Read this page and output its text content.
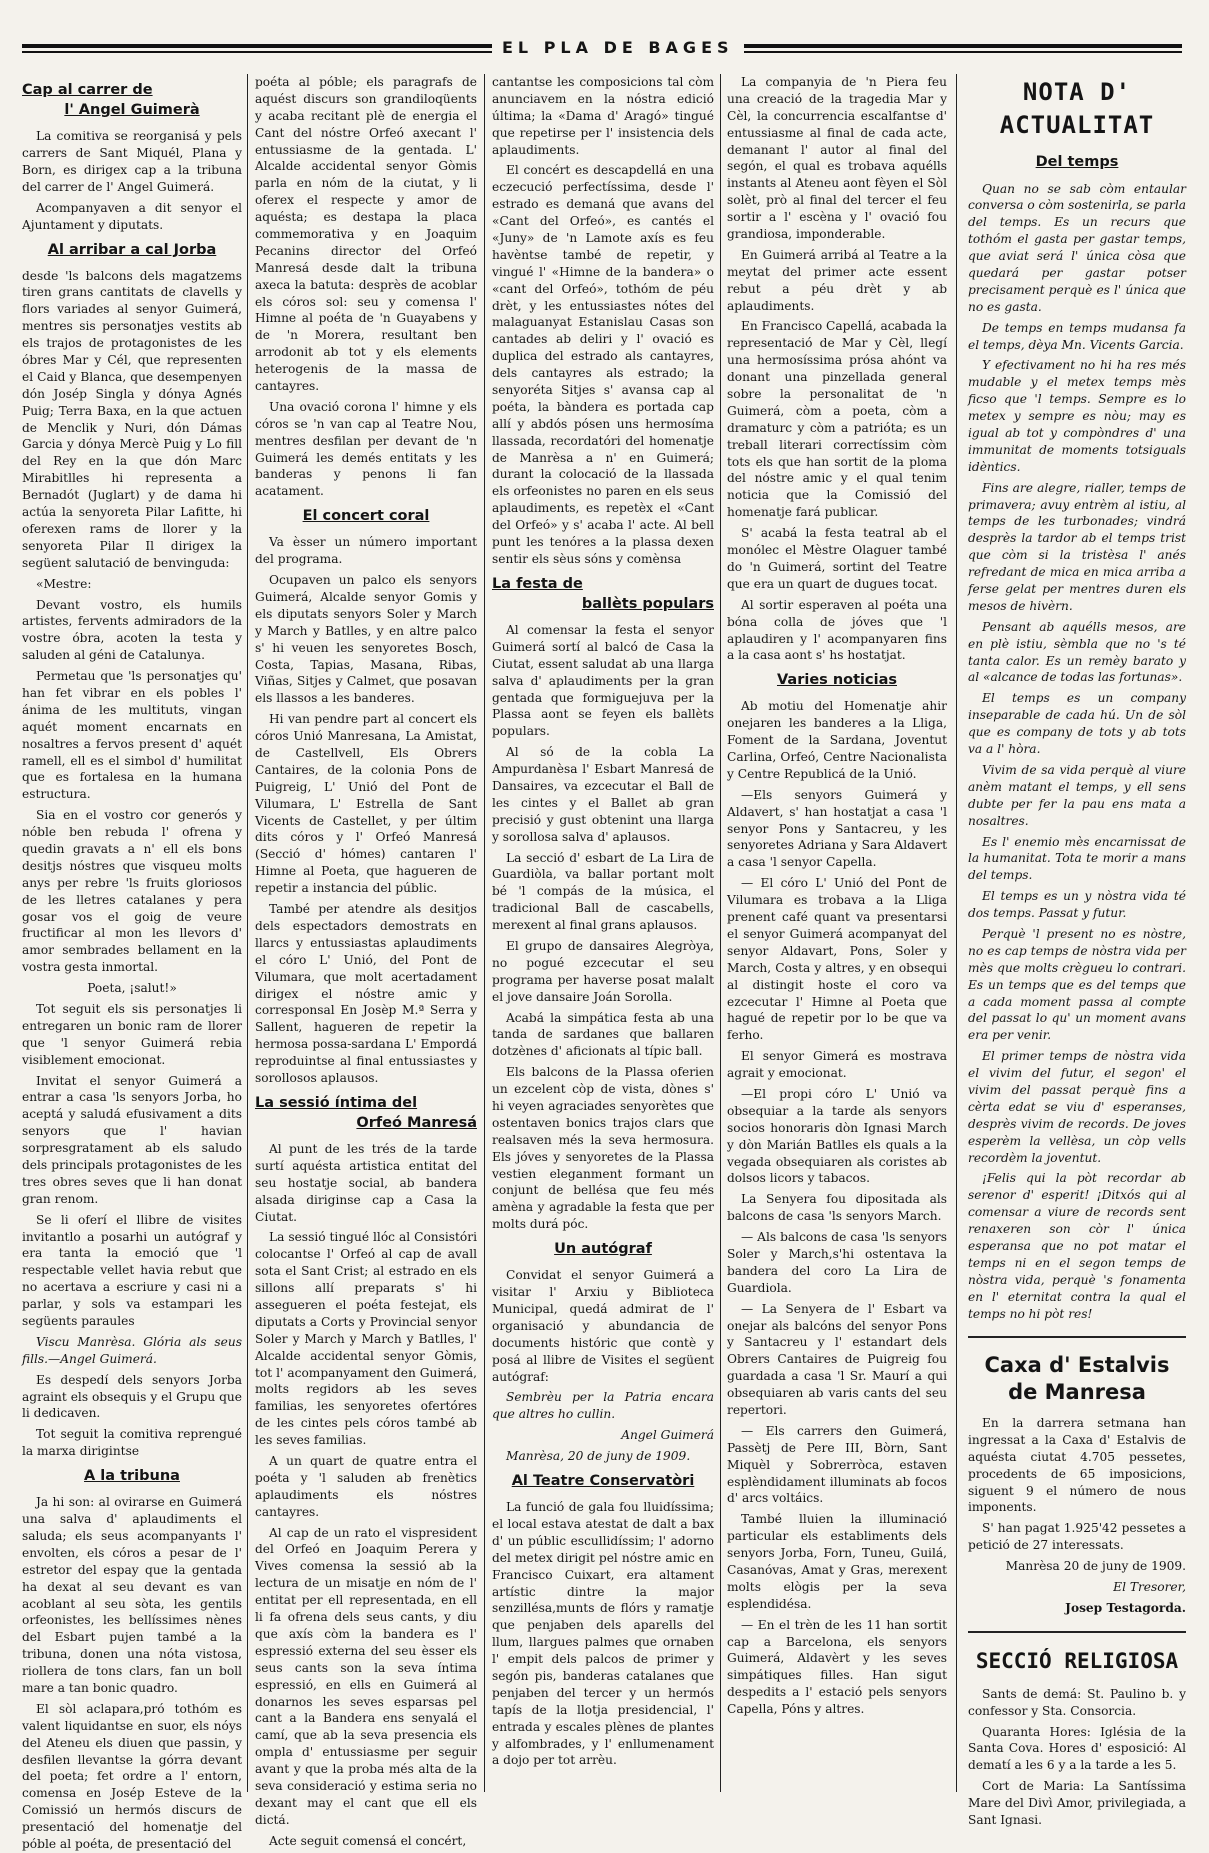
EL PLA DE BAGES
Cap al carrer de
l' Angel Guimerà

La comitiva se reorganisá y pels carrers de Sant Miquél, Plana y Born, es dirigex cap a la tribuna del carrer de l' Angel Guimerá.

Acompanyaven a dit senyor el Ajuntament y diputats.

Al arribar a cal Jorba

desde 'ls balcons dels magatzems tiren grans cantitats de clavells y flors variades al senyor Guimerá, mentres sis personatjes vestits ab els trajos de protagonistes de les óbres Mar y Cél, que representen el Caid y Blanca, que desempenyen dón Josép Singla y dónya Agnés Puig; Terra Baxa, en la que actuen de Menclik y Nuri, dón Dámas Garcia y dónya Mercè Puig y Lo fill del Rey en la que dón Marc Mirabitlles hi representa a Bernadót (Juglart) y de dama hi actúa la senyoreta Pilar Lafitte, hi oferexen rams de llorer y la senyoreta Pilar Il dirigex la següent salutació de benvinguda:

«Mestre:

Devant vostro, els humils artistes, fervents admiradors de la vostre óbra, acoten la testa y saluden al géni de Catalunya.

Permetau que 'ls personatjes qu' han fet vibrar en els pobles l' ánima de les multituts, vingan aquét moment encarnats en nosaltres a fervos present d' aquét ramell, ell es el simbol d' humilitat que es fortalesa en la humana estructura.

Sia en el vostro cor generós y nóble ben rebuda l' ofrena y quedin gravats a n' ell els bons desitjs nóstres que visqueu molts anys per rebre 'ls fruits gloriosos de les lletres catalanes y pera gosar vos el goig de veure fructificar al mon les llevors d' amor sembrades bellament en la vostra gesta inmortal.

Poeta, ¡salut!»

Tot seguit els sis personatjes li entregaren un bonic ram de llorer que 'l senyor Guimerá rebia visiblement emocionat.

Invitat el senyor Guimerá a entrar a casa 'ls senyors Jorba, ho aceptá y saludá efusivament a dits senyors que l' havian sorpresgratament ab els saludo dels principals protagonistes de les tres obres seves que li han donat gran renom.

Se li oferí el llibre de visites invitantlo a posarhi un autógraf y era tanta la emoció que 'l respectable vellet havia rebut que no acertava a escriure y casi ni a parlar, y sols va estampari les següents paraules

Viscu Manrèsa. Glória als seus fills.—Angel Guimerá.

Es despedí dels senyors Jorba agraint els obsequis y el Grupu que li dedicaven.

Tot seguit la comitiva reprengué la marxa dirigintse

A la tribuna

Ja hi son: al ovirarse en Guimerá una salva d' aplaudiments el saluda; els seus acompanyants l' envolten, els córos a pesar de l' estretor del espay que la gentada ha dexat al seu devant es van acoblant al seu sòta, les gentils orfeonistes, les bellíssimes nènes del Esbart pujen també a la tribuna, donen una nóta vistosa, riollera de tons clars, fan un boll mare a tan bonic quadro.

El sòl aclapara,pró tothóm es valent liquidantse en suor, els nóys del Ateneu els diuen que passin, y desfilen llevantse la górra devant del poeta; fet ordre a l' entorn, comensa en Josép Esteve de la Comissió un hermós discurs de presentació del homenatje del póble al poéta, de presentació del

poéta al póble; els paragrafs de aquést discurs son grandiloqüents y acaba recitant plè de energia el Cant del nóstre Orfeó axecant l' entussiasme de la gentada. L' Alcalde accidental senyor Gòmis parla en nóm de la ciutat, y li oferex el respecte y amor de aquésta; es destapa la placa commemorativa y en Joaquim Pecanins director del Orfeó Manresá desde dalt la tribuna axeca la batuta: desprès de acoblar els córos sol: seu y comensa l' Himne al poéta de 'n Guayabens y de 'n Morera, resultant ben arrodonit ab tot y els elements heterogenis de la massa de cantayres.

Una ovació corona l' himne y els córos se 'n van cap al Teatre Nou, mentres desfilan per devant de 'n Guimerá les demés entitats y les banderas y penons li fan acatament.

El concert coral

Va èsser un número important del programa.

Ocupaven un palco els senyors Guimerá, Alcalde senyor Gomis y els diputats senyors Soler y March y March y Batlles, y en altre palco s' hi veuen les senyoretes Bosch, Costa, Tapias, Masana, Ribas, Viñas, Sitjes y Calmet, que posavan els llassos a les banderes.

Hi van pendre part al concert els córos Unió Manresana, La Amistat, de Castellvell, Els Obrers Cantaires, de la colonia Pons de Puigreig, L' Unió del Pont de Vilumara, L' Estrella de Sant Vicents de Castellet, y per últim dits córos y l' Orfeó Manresá (Secció d' hómes) cantaren l' Himne al Poeta, que hagueren de repetir a instancia del públic.

També per atendre als desitjos dels espectadors demostrats en llarcs y entussiastas aplaudiments el córo L' Unió, del Pont de Vilumara, que molt acertadament dirigex el nóstre amic y corresponsal En Josèp M.ª Serra y Sallent, hagueren de repetir la hermosa possa-sardana L' Empordá reproduintse al final entussiastes y sorollosos aplausos.

La sessió íntima del
Orfeó Manresá

Al punt de les trés de la tarde surtí aquésta artistica entitat del seu hostatje social, ab bandera alsada diriginse cap a Casa la Ciutat.

La sessió tingué llóc al Consistóri colocantse l' Orfeó al cap de avall sota el Sant Crist; al estrado en els sillons allí preparats s' hi assegueren el poéta festejat, els diputats a Corts y Provincial senyor Soler y March y March y Batlles, l' Alcalde accidental senyor Gòmis, tot l' acompanyament den Guimerá, molts regidors ab les seves familias, les senyoretes ofertóres de les cintes pels córos també ab les seves familias.

A un quart de quatre entra el poéta y 'l saluden ab frenètics aplaudiments els nóstres cantayres.

Al cap de un rato el vispresident del Orfeó en Joaquim Perera y Vives comensa la sessió ab la lectura de un misatje en nóm de l' entitat per ell representada, en ell li fa ofrena dels seus cants, y diu que axís còm la bandera es l' espressió externa del seu èsser els seus cants son la seva íntima espressió, en ells en Guimerá al donarnos les seves esparsas pel cant a la Bandera ens senyalá el camí, que ab la seva presencia els ompla d' entussiasme per seguir avant y que la proba més alta de la seva consideració y estima seria no dexant may el cant que ell els dictá.

Acte seguit comensá el concért,

cantantse les composicions tal còm anunciavem en la nóstra edició última; la «Dama d' Aragó» tingué que repetirse per l' insistencia dels aplaudiments.

El concért es descapdellá en una eczecució perfectíssima, desde l' estrado es demaná que avans del «Cant del Orfeó», es cantés el «Juny» de 'n Lamote axís es feu havèntse també de repetir, y vingué l' «Himne de la bandera» o «cant del Orfeó», tothóm de péu drèt, y les entussiastes nótes del malaguanyat Estanislau Casas son cantades ab deliri y l' ovació es duplica del estrado als cantayres, dels cantayres als estrado; la senyoréta Sitjes s' avansa cap al poéta, la bàndera es portada cap allí y abdós pósen uns hermosíma llassada, recordatóri del homenatje de Manrèsa a n' en Guimerá; durant la colocació de la llassada els orfeonistes no paren en els seus aplaudiments, es repetèx el «Cant del Orfeó» y s' acaba l' acte. Al bell punt les tenóres a la plassa dexen sentir els sèus sóns y comènsa

La festa de
ballèts populars

Al comensar la festa el senyor Guimerá sortí al balcó de Casa la Ciutat, essent saludat ab una llarga salva d' aplaudiments per la gran gentada que formiguejuva per la Plassa aont se feyen els ballèts populars.

Al só de la cobla La Ampurdanèsa l' Esbart Manresá de Dansaires, va ezcecutar el Ball de les cintes y el Ballet ab gran precisió y gust obtenint una llarga y sorollosa salva d' aplausos.

La secció d' esbart de La Lira de Guardiòla, va ballar portant molt bé 'l compás de la música, el tradicional Ball de cascabells, merexent al final grans aplausos.

El grupo de dansaires Alegròya, no pogué ezcecutar el seu programa per haverse posat malalt el jove dansaire Joán Sorolla.

Acabá la simpática festa ab una tanda de sardanes que ballaren dotzènes d' aficionats al típic ball.

Els balcons de la Plassa oferien un ezcelent còp de vista, dònes s' hi veyen agraciades senyorètes que ostentaven bonics trajos clars que realsaven més la seva hermosura. Els jóves y senyoretes de la Plassa vestien eleganment formant un conjunt de bellésa que feu més amèna y agradable la festa que per molts durá póc.

Un autógraf

Convidat el senyor Guimerá a visitar l' Arxiu y Biblioteca Municipal, quedá admirat de l' organisació y abundancia de documents históric que contè y posá al llibre de Visites el següent autógraf:

Sembrèu per la Patria encara que altres ho cullin.

Angel Guimerá

Manrèsa, 20 de juny de 1909.

Al Teatre Conservatòri

La funció de gala fou lluidíssima; el local estava atestat de dalt a bax d' un públic escullidíssim; l' adorno del metex dirigit pel nóstre amic en Francisco Cuixart, era altament artístic dintre la major senzillésa,munts de flórs y ramatje que penjaben dels aparells del llum, llargues palmes que ornaben l' empit dels palcos de primer y segón pis, banderas catalanes que penjaben del tercer y un hermós tapís de la llotja presidencial, l' entrada y escales plènes de plantes y alfombrades, y l' enllumenament a dojo per tot arrèu.

La companyia de 'n Piera feu una creació de la tragedia Mar y Cèl, la concurrencia escalfantse d' entussiasme al final de cada acte, demanant l' autor al final del segón, el qual es trobava aquélls instants al Ateneu aont fèyen el Sòl solèt, prò al final del tercer el feu sortir a l' escèna y l' ovació fou grandiosa, imponderable.

En Guimerá arribá al Teatre a la meytat del primer acte essent rebut a péu drèt y ab aplaudiments.

En Francisco Capellá, acabada la representació de Mar y Cèl, llegí una hermosíssima prósa ahónt va donant una pinzellada general sobre la personalitat de 'n Guimerá, còm a poeta, còm a dramaturc y còm a patrióta; es un treball literari correctíssim còm tots els que han sortit de la ploma del nóstre amic y el qual tenim noticia que la Comissió del homenatje fará publicar.

S' acabá la festa teatral ab el monólec el Mèstre Olaguer també do 'n Guimerá, sortint del Teatre que era un quart de dugues tocat.

Al sortir esperaven al poéta una bóna colla de jóves que 'l aplaudiren y l' acompanyaren fins a la casa aont s' hs hostatjat.

Varies noticias

Ab motiu del Homenatje ahir onejaren les banderes a la Lliga, Foment de la Sardana, Joventut Carlina, Orfeó, Centre Nacionalista y Centre Republicá de la Unió.

—Els senyors Guimerá y Aldavert, s' han hostatjat a casa 'l senyor Pons y Santacreu, y les senyoretes Adriana y Sara Aldavert a casa 'l senyor Capella.

— El córo L' Unió del Pont de Vilumara es trobava a la Lliga prenent café quant va presentarsi el senyor Guimerá acompanyat del senyor Aldavart, Pons, Soler y March, Costa y altres, y en obsequi al distingit hoste el coro va ezcecutar l' Himne al Poeta que hagué de repetir por lo be que va ferho.

El senyor Gimerá es mostrava agrait y emocionat.

—El propi córo L' Unió va obsequiar a la tarde als senyors socios honoraris dòn Ignasi March y dòn Marián Batlles els quals a la vegada obsequiaren als coristes ab dolsos licors y tabacos.

La Senyera fou dipositada als balcons de casa 'ls senyors March.

— Als balcons de casa 'ls senyors Soler y March,s'hi ostentava la bandera del coro La Lira de Guardiola.

— La Senyera de l' Esbart va onejar als balcóns del senyor Pons y Santacreu y l' estandart dels Obrers Cantaires de Puigreig fou guardada a casa 'l Sr. Maurí a qui obsequiaren ab varis cants del seu repertori.

— Els carrers den Guimerá, Passètj de Pere III, Bòrn, Sant Miquèl y Sobrerròca, estaven esplèndidament illuminats ab focos d' arcs voltáics.

També lluien la illuminació particular els establiments dels senyors Jorba, Forn, Tuneu, Guilá, Casanóvas, Amat y Gras, merexent molts elògis per la seva esplendidésa.

— En el trèn de les 11 han sortit cap a Barcelona, els senyors Guimerá, Aldavèrt y les seves simpátiques filles. Han sigut despedits a l' estació pels senyors Capella, Póns y altres.

NOTA D' ACTUALITAT
Del temps

Quan no se sab còm entaular conversa o còm sostenirla, se parla del temps. Es un recurs que tothóm el gasta per gastar temps, que aviat será l' única còsa que quedará per gastar potser precisament perquè es l' única que no es gasta.

De temps en temps mudansa fa el temps, dèya Mn. Vicents Garcia.

Y efectivament no hi ha res més mudable y el metex temps mès ficso que 'l temps. Sempre es lo metex y sempre es nòu; may es igual ab tot y compòndres d' una immunitat de moments totsiguals idèntics.

Fins are alegre, rialler, temps de primavera; avuy entrèm al istiu, al temps de les turbonades; vindrá desprès la tardor ab el temps trist que còm si la tristèsa l' anés refredant de mica en mica arriba a ferse gelat per mentres duren els mesos de hivèrn.

Pensant ab aquélls mesos, are en plè istiu, sèmbla que no 's té tanta calor. Es un remèy barato y al «alcance de todas las fortunas».

El temps es un company inseparable de cada hú. Un de sòl que es company de tots y ab tots va a l' hòra.

Vivim de sa vida perquè al viure anèm matant el temps, y ell sens dubte per fer la pau ens mata a nosaltres.

Es l' enemio mès encarnissat de la humanitat. Tota te morir a mans del temps.

El temps es un y nòstra vida té dos temps. Passat y futur.

Perquè 'l present no es nòstre, no es cap temps de nòstra vida per mès que molts crègueu lo contrari. Es un temps que es del temps que a cada moment passa al compte del passat lo qu' un moment avans era per venir.

El primer temps de nòstra vida el vivim del futur, el segon' el vivim del passat perquè fins a cèrta edat se viu d' esperanses, desprès vivim de records. De joves esperèm la vellèsa, un còp vells recordèm la joventut.

¡Felis qui la pòt recordar ab serenor d' esperit! ¡Ditxós qui al comensar a viure de records sent renaxeren son còr l' única esperansa que no pot matar el temps ni en el segon temps de nòstra vida, perquè 's fonamenta en l' eternitat contra la qual el temps no hi pòt res!

Caxa d' Estalvis
de Manresa

En la darrera setmana han ingressat a la Caxa d' Estalvis de aquésta ciutat 4.705 pessetes, procedents de 65 imposicions, siguent 9 el número de nous imponents.

S' han pagat 1.925'42 pessetes a petició de 27 interessats.

Manrèsa 20 de juny de 1909.

El Tresorer,

Josep Testagorda.

SECCIÓ RELIGIOSA

Sants de demá: St. Paulino b. y confessor y Sta. Consorcia.

Quaranta Hores: Iglésia de la Santa Cova. Hores d' esposició: Al dematí a les 6 y a la tarde a les 5.

Cort de Maria: La Santíssima Mare del Divì Amor, privilegiada, a Sant Ignasi.
